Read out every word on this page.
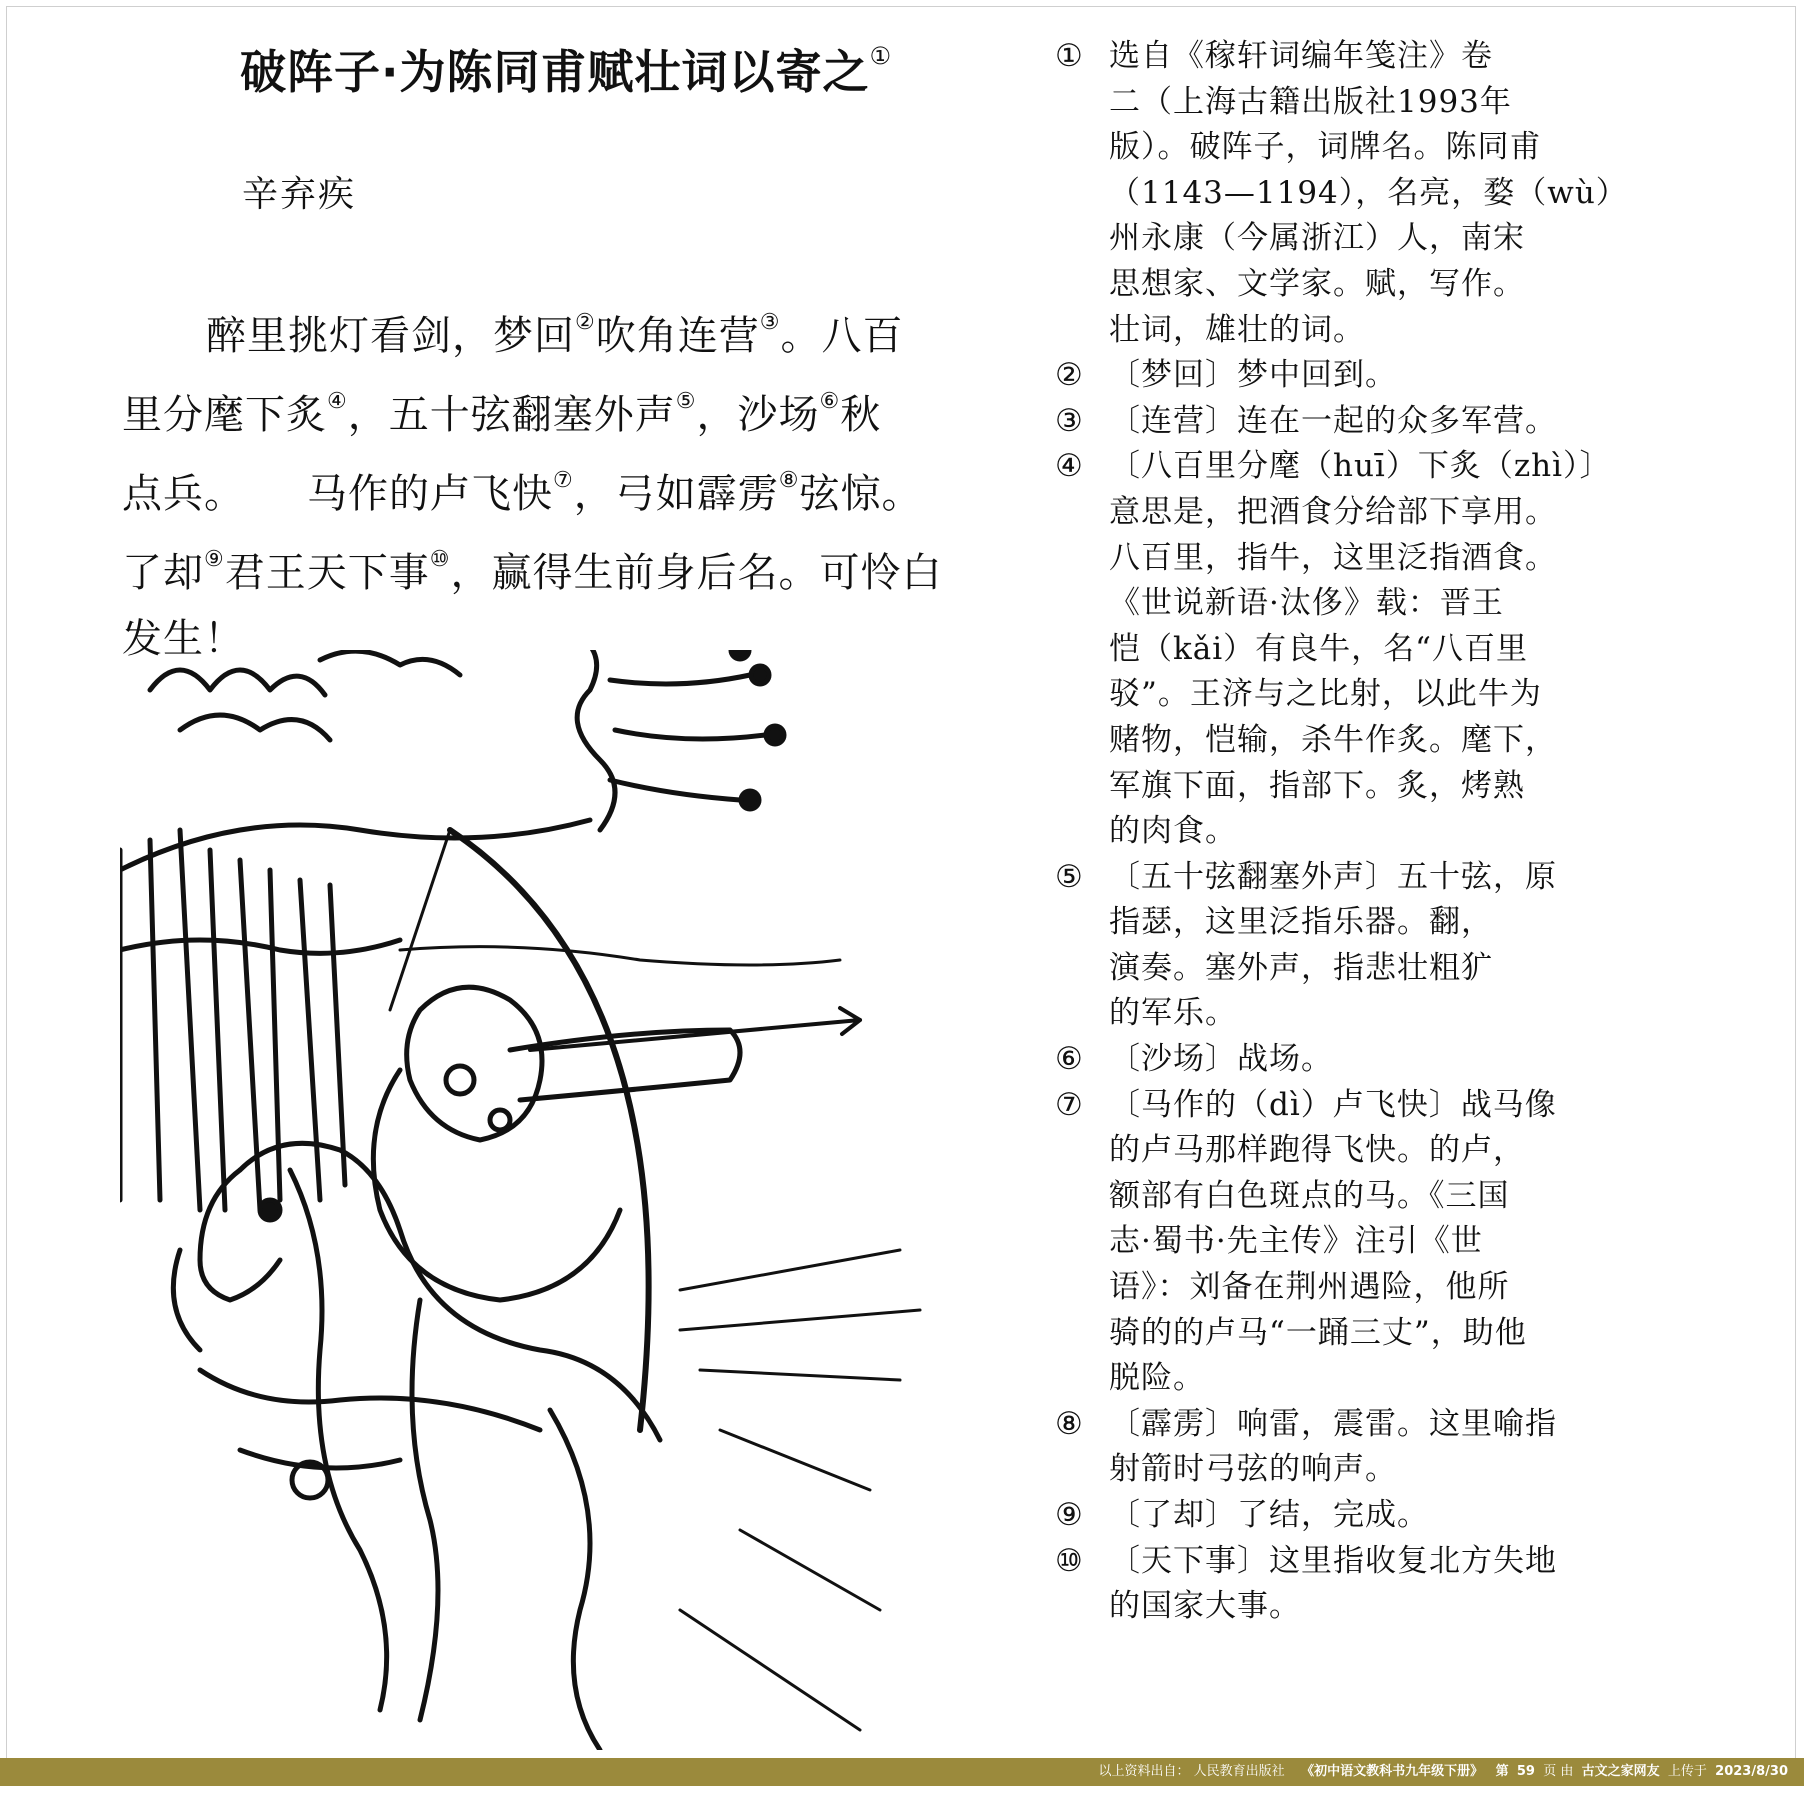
破阵子·为陈同甫赋壮词以寄之①
辛弃疾
醉里挑灯看剑，梦回②吹角连营③。八百
里分麾下炙④，五十弦翻塞外声⑤，沙场⑥秋
点兵。　　马作的卢飞快⑦，弓如霹雳⑧弦惊。
了却⑨君王天下事⑩，赢得生前身后名。可怜白
发生！
① 选自《稼轩词编年笺注》卷
二（上海古籍出版社1993年
版）。破阵子，词牌名。陈同甫
（1143—1194），名亮，婺（wù）
州永康（今属浙江）人，南宋
思想家、文学家。赋，写作。
壮词，雄壮的词。
② 〔梦回〕梦中回到。
③ 〔连营〕连在一起的众多军营。
④ 〔八百里分麾（huī）下炙（zhì）〕
意思是，把酒食分给部下享用。
八百里，指牛，这里泛指酒食。
《世说新语·汰侈》载：晋王
恺（kǎi）有良牛，名“八百里
驳”。王济与之比射，以此牛为
赌物，恺输，杀牛作炙。麾下，
军旗下面，指部下。炙，烤熟
的肉食。
⑤ 〔五十弦翻塞外声〕五十弦，原
指瑟，这里泛指乐器。翻，
演奏。塞外声，指悲壮粗犷
的军乐。
⑥ 〔沙场〕战场。
⑦ 〔马作的（dì）卢飞快〕战马像
的卢马那样跑得飞快。的卢，
额部有白色斑点的马。《三国
志·蜀书·先主传》注引《世
语》：刘备在荆州遇险，他所
骑的的卢马“一踊三丈”，助他
脱险。
⑧ 〔霹雳〕响雷，震雷。这里喻指
射箭时弓弦的响声。
⑨ 〔了却〕了结，完成。
⑩ 〔天下事〕这里指收复北方失地
的国家大事。
以上资料出自： 人民教育出版社 《初中语文教科书九年级下册》 第 59 页 由 古文之家网友 上传于 2023/8/30
